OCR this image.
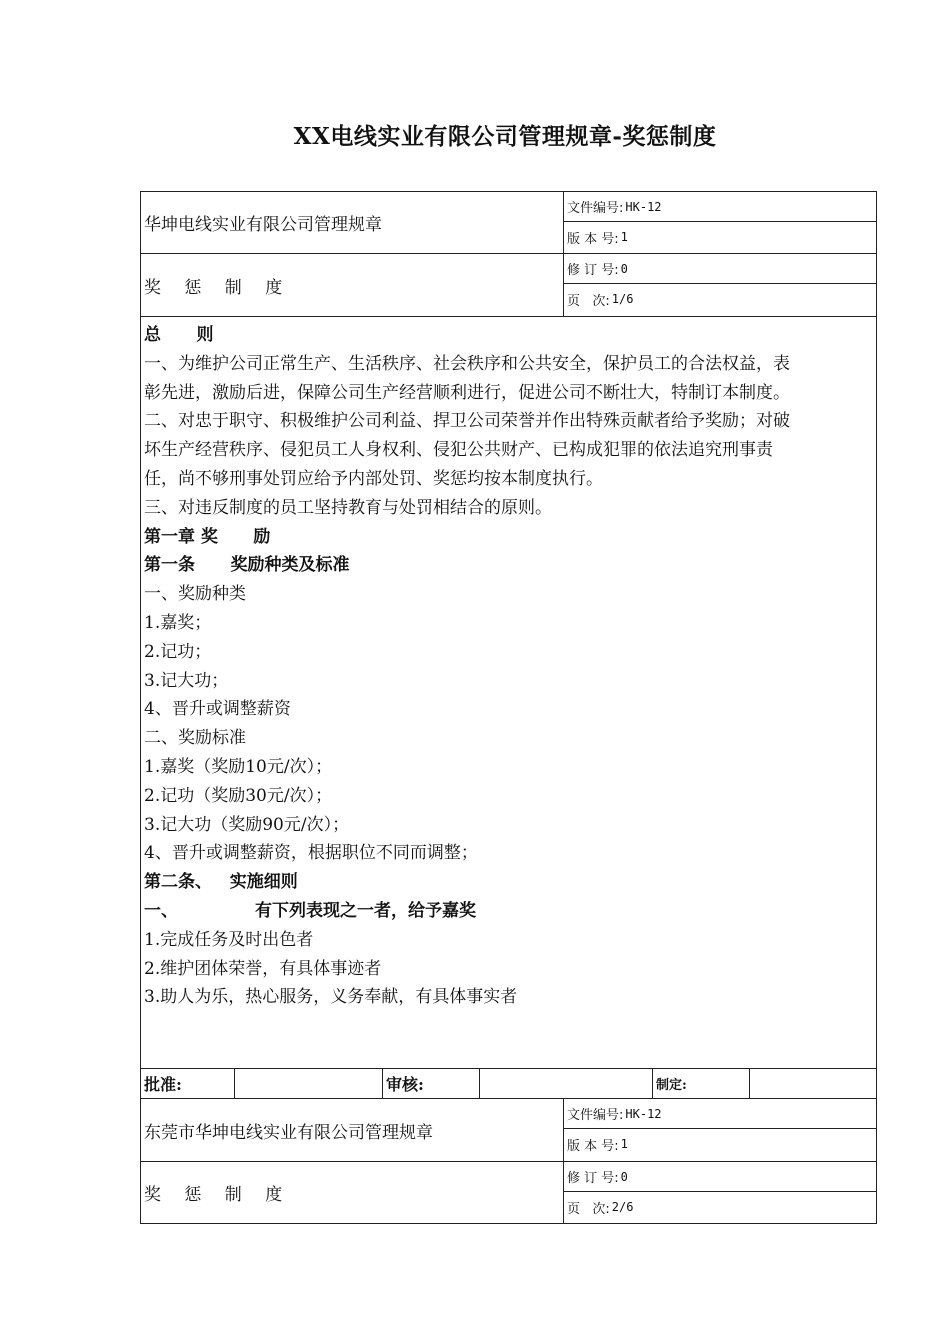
XX电线实业有限公司管理规章-奖惩制度
华坤电线实业有限公司管理规章
文件编号: HK-12
版 本 号: 1
奖 惩 制 度
修 订 号: 0
页   次: 1/6
总      则
一、为维护公司正常生产、生活秩序、社会秩序和公共安全，保护员工的合法权益，表
彰先进，激励后进，保障公司生产经营顺利进行，促进公司不断壮大，特制订本制度。
二、对忠于职守、积极维护公司利益、捍卫公司荣誉并作出特殊贡献者给予奖励；对破
坏生产经营秩序、侵犯员工人身权利、侵犯公共财产、已构成犯罪的依法追究刑事责
任，尚不够刑事处罚应给予内部处罚、奖惩均按本制度执行。
三、对违反制度的员工坚持教育与处罚相结合的原则。
第一章 奖      励
第一条      奖励种类及标准
一、奖励种类
1.嘉奖；
2.记功；
3.记大功；
4、晋升或调整薪资
二、奖励标准
1.嘉奖（奖励10元/次）；
2.记功（奖励30元/次）；
3.记大功（奖励90元/次）；
4、晋升或调整薪资，根据职位不同而调整；
第二条、   实施细则
一、             有下列表现之一者，给予嘉奖
1.完成任务及时出色者
2.维护团体荣誉，有具体事迹者
3.助人为乐，热心服务，义务奉献，有具体事实者
批准:	审核:	制定:
东莞市华坤电线实业有限公司管理规章
文件编号: HK-12
版 本 号: 1
奖 惩 制 度
修 订 号: 0
页   次: 2/6
